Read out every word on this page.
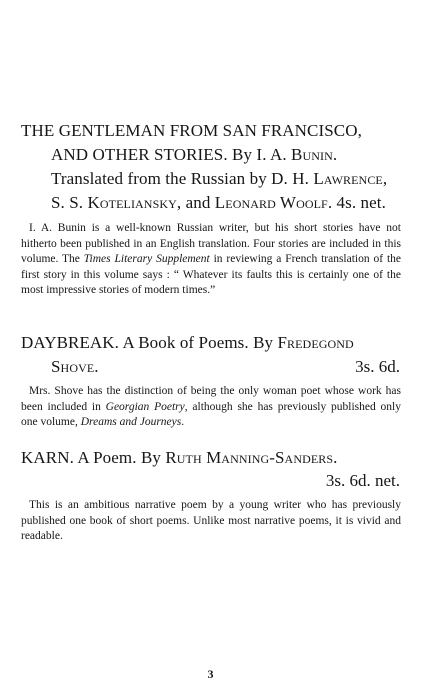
THE GENTLEMAN FROM SAN FRANCISCO,
AND OTHER STORIES. By I. A. Bunin.
Translated from the Russian by D. H. Lawrence,
S. S. Koteliansky, and Leonard Woolf. 4s. net.
I. A. Bunin is a well-known Russian writer, but his short stories have not hitherto been published in an English translation. Four stories are included in this volume. The Times Literary Supplement in reviewing a French translation of the first story in this volume says : “ Whatever its faults this is certainly one of the most impressive stories of modern times.”
DAYBREAK. A Book of Poems. By Fredegond
Shove.	3s. 6d.
Mrs. Shove has the distinction of being the only woman poet whose work has been included in Georgian Poetry, although she has previously published only one volume, Dreams and Journeys.
KARN. A Poem. By Ruth Manning-Sanders.
3s. 6d. net.
This is an ambitious narrative poem by a young writer who has previously published one book of short poems. Unlike most narrative poems, it is vivid and readable.
3
